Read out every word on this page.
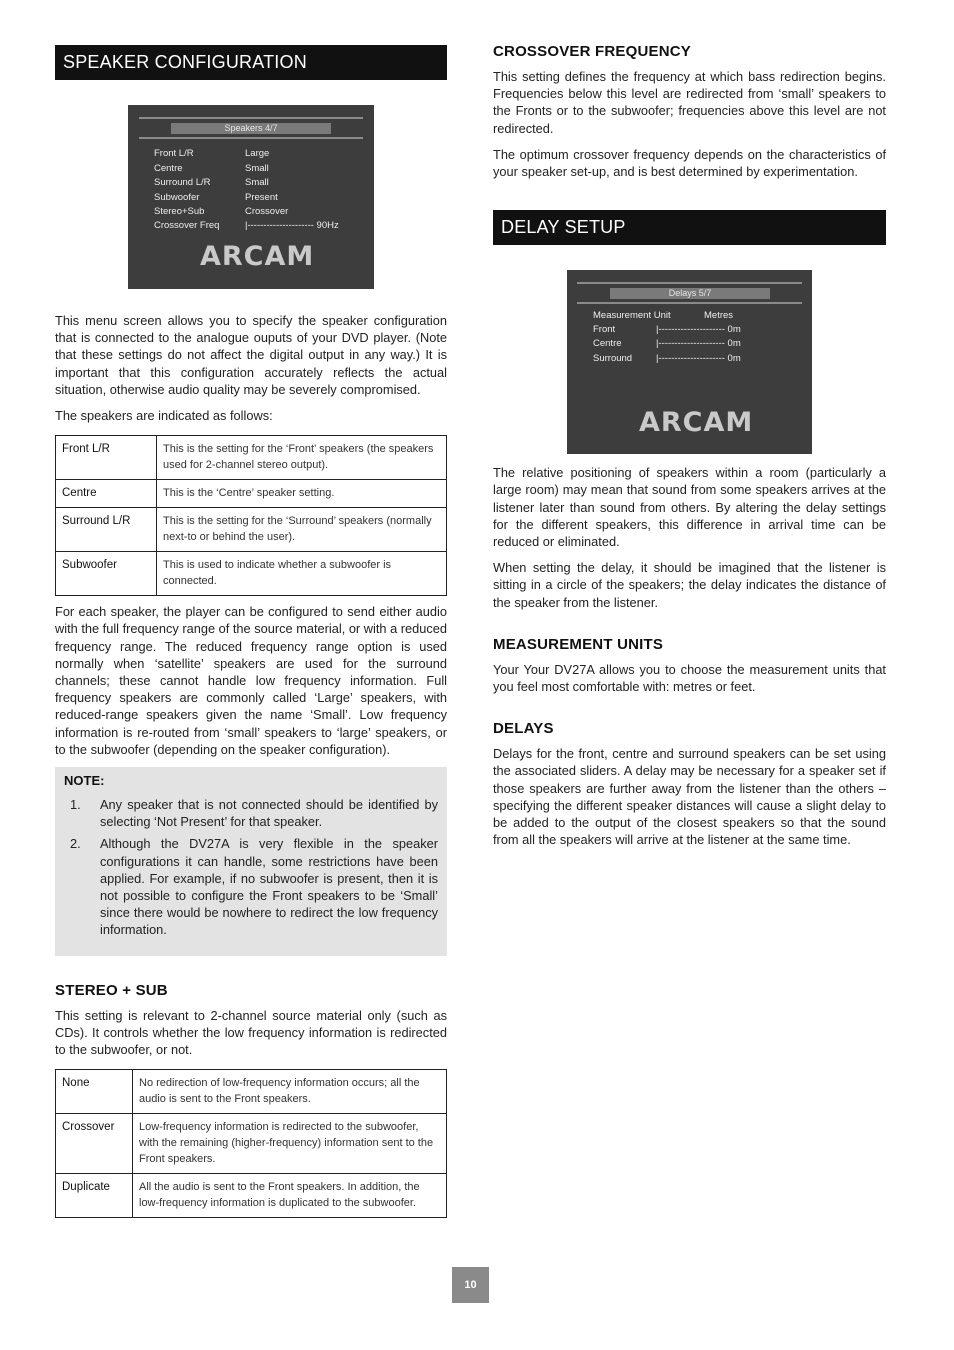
SPEAKER CONFIGURATION
Speakers 4/7
Front L/R	Large
Centre	Small
Surround L/R	Small
Subwoofer	Present
Stereo+Sub	Crossover
Crossover Freq	|--------------------- 90Hz
ARCAM

This menu screen allows you to specify the speaker configuration that is connected to the analogue ouputs of your DVD player. (Note that these settings do not affect the digital output in any way.) It is important that this configuration accurately reflects the actual situation, otherwise audio quality may be severely compromised.

The speakers are indicated as follows:

Front L/R	This is the setting for the ‘Front’ speakers (the speakers used for 2-channel stereo output).
Centre	This is the ‘Centre’ speaker setting.
Surround L/R	This is the setting for the ‘Surround’ speakers (normally next-to or behind the user).
Subwoofer	This is used to indicate whether a subwoofer is connected.

For each speaker, the player can be configured to send either audio with the full frequency range of the source material, or with a reduced frequency range. The reduced frequency range option is used normally when ‘satellite’ speakers are used for the surround channels; these cannot handle low frequency information. Full frequency speakers are commonly called ‘Large’ speakers, with reduced-range speakers given the name ‘Small’. Low frequency information is re-routed from ‘small’ speakers to ‘large’ speakers, or to the subwoofer (depending on the speaker configuration).

NOTE:
1.	Any speaker that is not connected should be identified by selecting ‘Not Present’ for that speaker.
2.	Although the DV27A is very flexible in the speaker configurations it can handle, some restrictions have been applied. For example, if no subwoofer is present, then it is not possible to configure the Front speakers to be ‘Small’ since there would be nowhere to redirect the low frequency information.
STEREO + SUB

This setting is relevant to 2-channel source material only (such as CDs). It controls whether the low frequency information is redirected to the subwoofer, or not.

None	No redirection of low-frequency information occurs; all the audio is sent to the Front speakers.
Crossover	Low-frequency information is redirected to the subwoofer, with the remaining (higher-frequency) information sent to the Front speakers.
Duplicate	All the audio is sent to the Front speakers. In addition, the low-frequency information is duplicated to the subwoofer.
CROSSOVER FREQUENCY

This setting defines the frequency at which bass redirection begins. Frequencies below this level are redirected from ‘small’ speakers to the Fronts or to the subwoofer; frequencies above this level are not redirected.

The optimum crossover frequency depends on the characteristics of your speaker set-up, and is best determined by experimentation.

DELAY SETUP
Delays 5/7
Measurement Unit	Metres
Front	|--------------------- 0m
Centre	|--------------------- 0m
Surround	|--------------------- 0m
ARCAM

The relative positioning of speakers within a room (particularly a large room) may mean that sound from some speakers arrives at the listener later than sound from others. By altering the delay settings for the different speakers, this difference in arrival time can be reduced or eliminated.

When setting the delay, it should be imagined that the listener is sitting in a circle of the speakers; the delay indicates the distance of the speaker from the listener.

MEASUREMENT UNITS

Your Your DV27A allows you to choose the measurement units that you feel most comfortable with: metres or feet.

DELAYS

Delays for the front, centre and surround speakers can be set using the associated sliders. A delay may be necessary for a speaker set if those speakers are further away from the listener than the others – specifying the different speaker distances will cause a slight delay to be added to the output of the closest speakers so that the sound from all the speakers will arrive at the listener at the same time.

10
